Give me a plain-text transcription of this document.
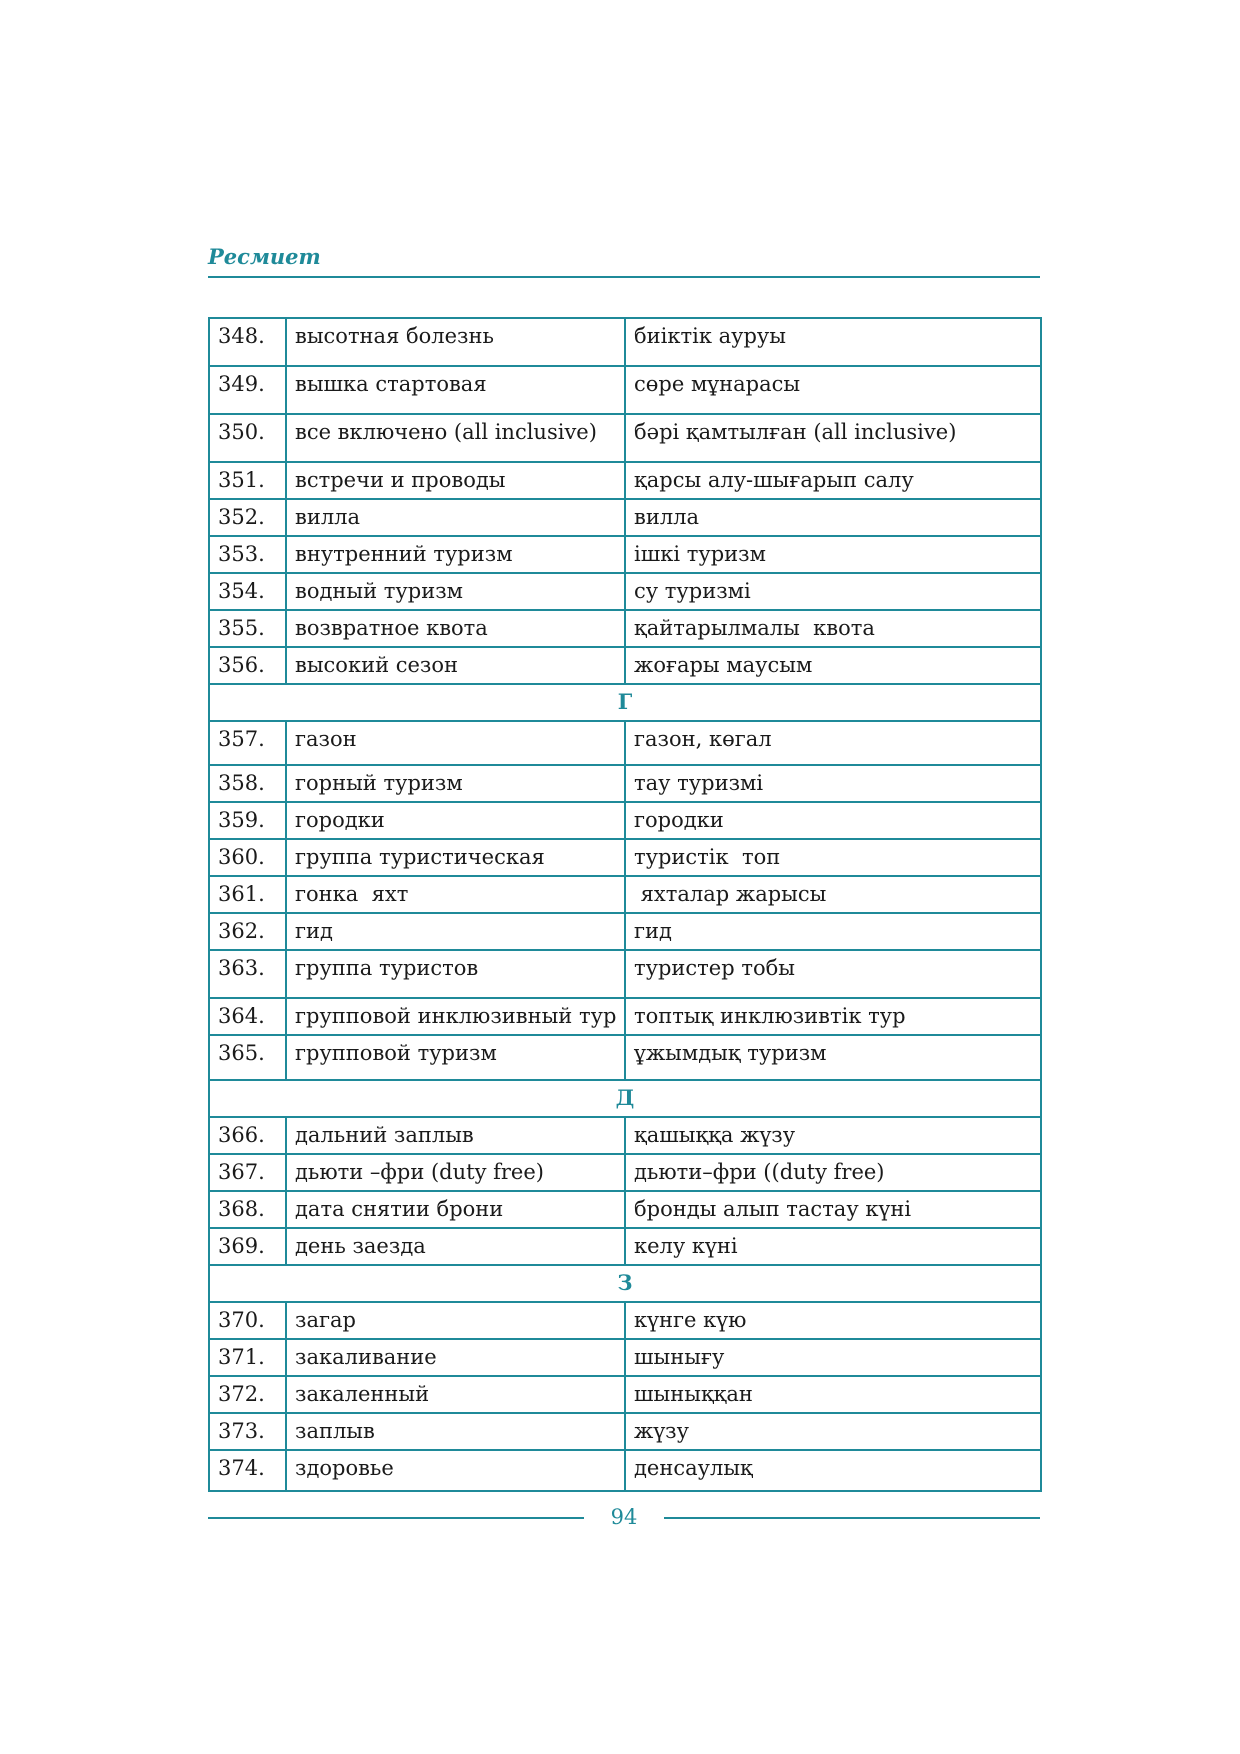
Ресмиет
348.	высотная болезнь	биіктік ауруы
349.	вышка стартовая	сөре мұнарасы
350.	все включено (all inclusive)	бәрі қамтылған (all inclusive)
351.	встречи и проводы	қарсы алу-шығарып салу
352.	вилла	вилла
353.	внутренний туризм	ішкі туризм
354.	водный туризм	су туризмі
355.	возвратное квота	қайтарылмалы  квота
356.	высокий сезон	жоғары маусым
Г		
357.	газон	газон, көгал
358.	горный туризм	тау туризмі
359.	городки	городки
360.	группа туристическая	туристік  топ
361.	гонка  яхт	яхталар жарысы
362.	гид	гид
363.	группа туристов	туристер тобы
364.	групповой инклюзивный тур	топтық инклюзивтік тур
365.	групповой туризм	ұжымдық туризм
Д		
366.	дальний заплыв	қашыққа жүзу
367.	дьюти –фри (duty free)	дьюти–фри ((duty free)
368.	дата снятии брони	бронды алып тастау күні
369.	день заезда	келу күні
З		
370.	загар	күнге күю
371.	закаливание	шынығу
372.	закаленный	шыныққан
373.	заплыв	жүзу
374.	здоровье	денсаулық
94
